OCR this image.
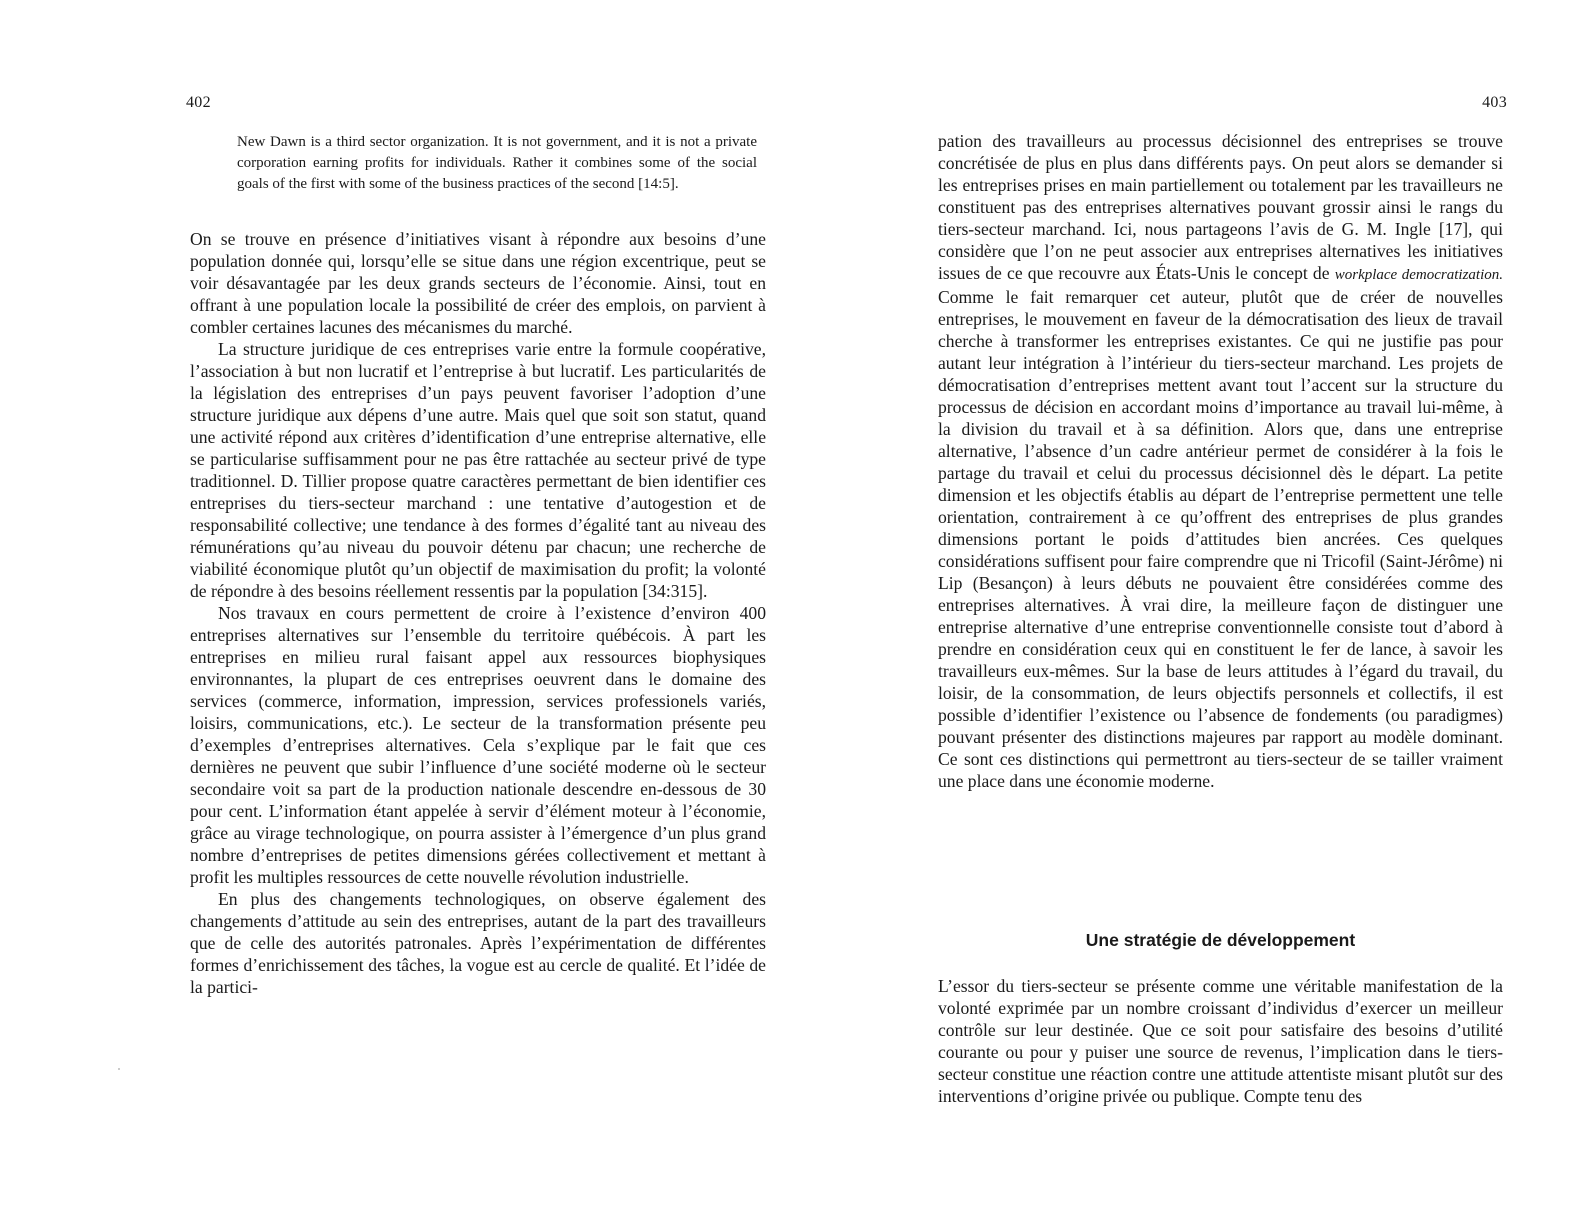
402
New Dawn is a third sector organization. It is not government, and it is not a private corporation earning profits for individuals. Rather it combines some of the social goals of the first with some of the business practices of the second [14:5].

On se trouve en présence d’initiatives visant à répondre aux besoins d’une population donnée qui, lorsqu’elle se situe dans une région excentrique, peut se voir désavantagée par les deux grands secteurs de l’économie. Ainsi, tout en offrant à une population locale la possibilité de créer des emplois, on parvient à combler certaines lacunes des mécanismes du marché.

La structure juridique de ces entreprises varie entre la formule coopérative, l’association à but non lucratif et l’entreprise à but lucratif. Les particularités de la législation des entreprises d’un pays peuvent favoriser l’adoption d’une structure juridique aux dépens d’une autre. Mais quel que soit son statut, quand une activité répond aux critères d’identification d’une entreprise alternative, elle se particularise suffisamment pour ne pas être rattachée au secteur privé de type traditionnel. D. Tillier propose quatre caractères permettant de bien identifier ces entreprises du tiers-secteur marchand : une tentative d’autogestion et de responsabilité collective; une tendance à des formes d’égalité tant au niveau des rémunérations qu’au niveau du pouvoir détenu par chacun; une recherche de viabilité économique plutôt qu’un objectif de maximisation du profit; la volonté de répondre à des besoins réellement ressentis par la population [34:315].

Nos travaux en cours permettent de croire à l’existence d’environ 400 entreprises alternatives sur l’ensemble du territoire québécois. À part les entreprises en milieu rural faisant appel aux ressources biophysiques environnantes, la plupart de ces entreprises oeuvrent dans le domaine des services (commerce, information, impression, services professionels variés, loisirs, communications, etc.). Le secteur de la transformation présente peu d’exemples d’entreprises alternatives. Cela s’explique par le fait que ces dernières ne peuvent que subir l’influence d’une société moderne où le secteur secondaire voit sa part de la production nationale descendre en-dessous de 30 pour cent. L’information étant appelée à servir d’élément moteur à l’économie, grâce au virage technologique, on pourra assister à l’émergence d’un plus grand nombre d’entreprises de petites dimensions gérées collectivement et mettant à profit les multiples ressources de cette nouvelle révolution industrielle.

En plus des changements technologiques, on observe également des changements d’attitude au sein des entreprises, autant de la part des travailleurs que de celle des autorités patronales. Après l’expérimentation de différentes formes d’enrichissement des tâches, la vogue est au cercle de qualité. Et l’idée de la partici-

403

pation des travailleurs au processus décisionnel des entreprises se trouve concrétisée de plus en plus dans différents pays. On peut alors se demander si les entreprises prises en main partiellement ou totalement par les travailleurs ne constituent pas des entreprises alternatives pouvant grossir ainsi le rangs du tiers-secteur marchand. Ici, nous partageons l’avis de G. M. Ingle [17], qui considère que l’on ne peut associer aux entreprises alternatives les initiatives issues de ce que recouvre aux États-Unis le concept de workplace democratization. Comme le fait remarquer cet auteur, plutôt que de créer de nouvelles entreprises, le mouvement en faveur de la démocratisation des lieux de travail cherche à transformer les entreprises existantes. Ce qui ne justifie pas pour autant leur intégration à l’intérieur du tiers-secteur marchand. Les projets de démocratisation d’entreprises mettent avant tout l’accent sur la structure du processus de décision en accordant moins d’importance au travail lui-même, à la division du travail et à sa définition. Alors que, dans une entreprise alternative, l’absence d’un cadre antérieur permet de considérer à la fois le partage du travail et celui du processus décisionnel dès le départ. La petite dimension et les objectifs établis au départ de l’entreprise permettent une telle orientation, contrairement à ce qu’offrent des entreprises de plus grandes dimensions portant le poids d’attitudes bien ancrées. Ces quelques considérations suffisent pour faire comprendre que ni Tricofil (Saint-Jérôme) ni Lip (Besançon) à leurs débuts ne pouvaient être considérées comme des entreprises alternatives. À vrai dire, la meilleure façon de distinguer une entreprise alternative d’une entreprise conventionnelle consiste tout d’abord à prendre en considération ceux qui en constituent le fer de lance, à savoir les travailleurs eux-mêmes. Sur la base de leurs attitudes à l’égard du travail, du loisir, de la consommation, de leurs objectifs personnels et collectifs, il est possible d’identifier l’existence ou l’absence de fondements (ou paradigmes) pouvant présenter des distinctions majeures par rapport au modèle dominant. Ce sont ces distinctions qui permettront au tiers-secteur de se tailler vraiment une place dans une économie moderne.

Une stratégie de développement

L’essor du tiers-secteur se présente comme une véritable manifestation de la volonté exprimée par un nombre croissant d’individus d’exercer un meilleur contrôle sur leur destinée. Que ce soit pour satisfaire des besoins d’utilité courante ou pour y puiser une source de revenus, l’implication dans le tiers-secteur constitue une réaction contre une attitude attentiste misant plutôt sur des interventions d’origine privée ou publique. Compte tenu des
